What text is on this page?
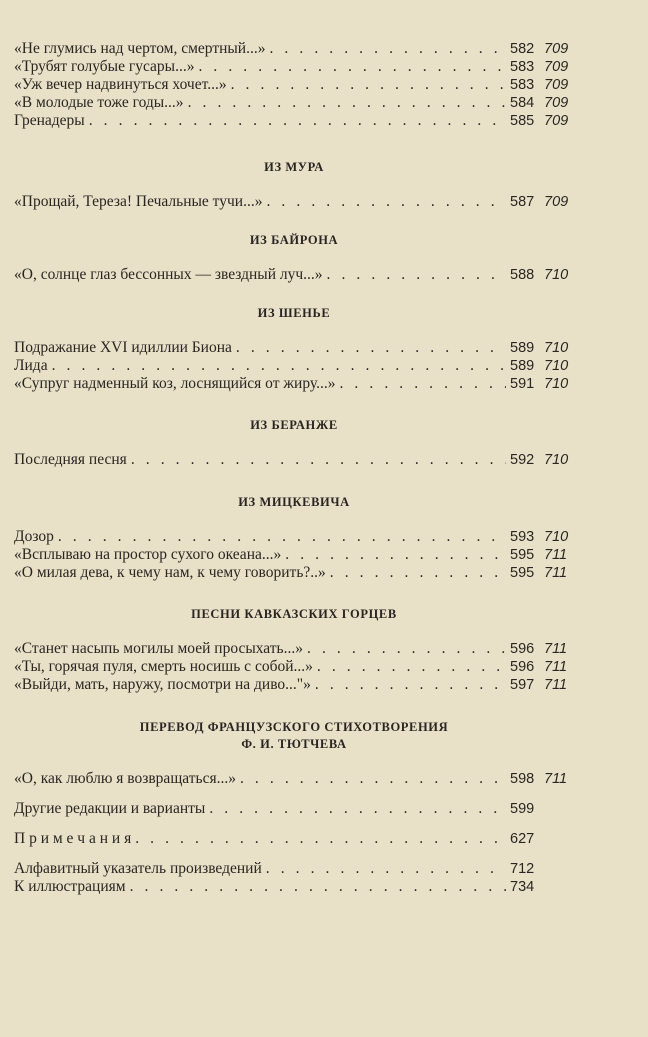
«Не глумись над чертом, смертный...» . . .	582 709
«Трубят голубые гусары...» . . .	583 709
«Уж вечер надвинуться хочет...» . . .	583 709
«В молодые тоже годы...» . . .	584 709
Гренадеры . . .	585 709
ИЗ МУРА
«Прощай, Тереза! Печальные тучи...» . . .	587 709
ИЗ БАЙРОНА
«О, солнце глаз бессонных — звездный луч...» . . .	588 710
ИЗ ШЕНЬЕ
Подражание XVI идиллии Биона . . .	589 710
Лида . . .	589 710
«Супруг надменный коз, лоснящийся от жиру...» . . .	591 710
ИЗ БЕРАНЖЕ
Последняя песня . . .	592 710
ИЗ МИЦКЕВИЧА
Дозор . . .	593 710
«Всплываю на простор сухого океана...» . . .	595 711
«О милая дева, к чему нам, к чему говорить?..» . . .	595 711
ПЕСНИ КАВКАЗСКИХ ГОРЦЕВ
«Станет насыпь могилы моей просыхать...» . . .	596 711
«Ты, горячая пуля, смерть носишь с собой...» . . .	596 711
«Выйди, мать, наружу, посмотри на диво..."» . . .	597 711
ПЕРЕВОД ФРАНЦУЗСКОГО СТИХОТВОРЕНИЯ
Ф. И. ТЮТЧЕВА
«О, как люблю я возвращаться...» . . .	598 711
Другие редакции и варианты . . .	599
П р и м е ч а н и я . . .	627
Алфавитный указатель произведений . . .	712
К иллюстрациям . . .	734
